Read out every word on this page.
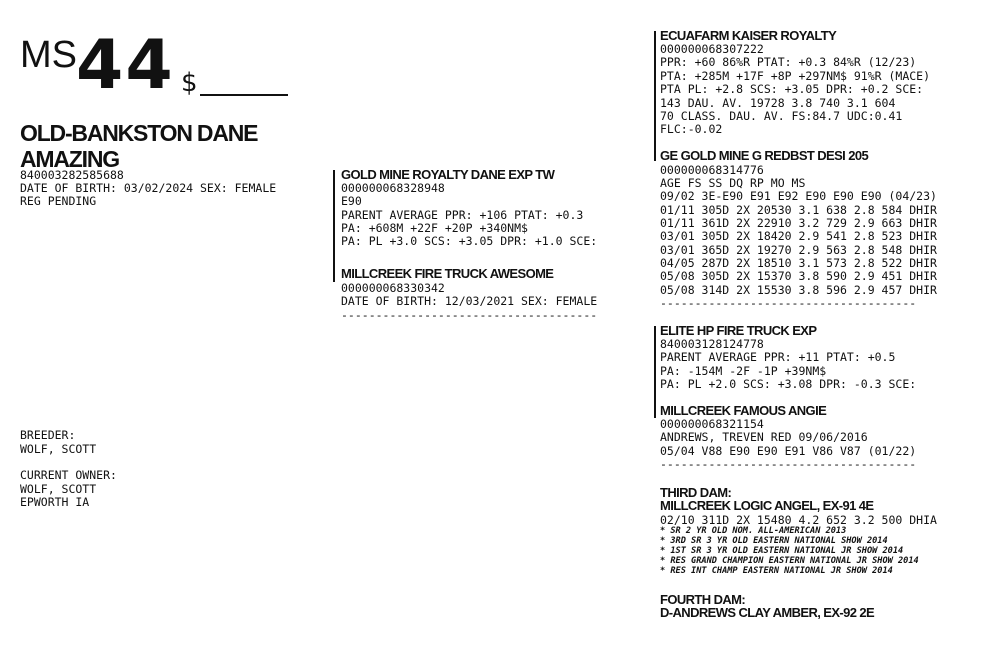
MS 44 $
OLD-BANKSTON DANE
AMAZING
840003282585688
DATE OF BIRTH: 03/02/2024 SEX: FEMALE
REG PENDING
BREEDER:
WOLF, SCOTT
CURRENT OWNER:
WOLF, SCOTT
EPWORTH IA
GOLD MINE ROYALTY DANE EXP TW
000000068328948
E90
PARENT AVERAGE PPR: +106 PTAT: +0.3
PA: +608M +22F +20P +340NM$
PA: PL +3.0 SCS: +3.05 DPR: +1.0 SCE:
MILLCREEK FIRE TRUCK AWESOME
000000068330342
DATE OF BIRTH: 12/03/2021 SEX: FEMALE
-------------------------------------
ECUAFARM KAISER ROYALTY
000000068307222
PPR: +60 86%R PTAT: +0.3 84%R (12/23)
PTA: +285M +17F +8P +297NM$ 91%R (MACE)
PTA PL: +2.8 SCS: +3.05 DPR: +0.2 SCE:
143 DAU. AV. 19728 3.8 740 3.1 604
70 CLASS. DAU. AV. FS:84.7 UDC:0.41
FLC:-0.02
GE GOLD MINE G REDBST DESI 205
000000068314776
AGE FS SS DQ RP MO MS
09/02 3E-E90 E91 E92 E90 E90 E90 (04/23)
01/11 305D 2X 20530 3.1 638 2.8 584 DHIR
01/11 361D 2X 22910 3.2 729 2.9 663 DHIR
03/01 305D 2X 18420 2.9 541 2.8 523 DHIR
03/01 365D 2X 19270 2.9 563 2.8 548 DHIR
04/05 287D 2X 18510 3.1 573 2.8 522 DHIR
05/08 305D 2X 15370 3.8 590 2.9 451 DHIR
05/08 314D 2X 15530 3.8 596 2.9 457 DHIR
-------------------------------------
ELITE HP FIRE TRUCK EXP
840003128124778
PARENT AVERAGE PPR: +11 PTAT: +0.5
PA: -154M -2F -1P +39NM$
PA: PL +2.0 SCS: +3.08 DPR: -0.3 SCE:
MILLCREEK FAMOUS ANGIE
000000068321154
ANDREWS, TREVEN RED 09/06/2016
05/04 V88 E90 E90 E91 V86 V87 (01/22)
-------------------------------------
THIRD DAM:
MILLCREEK LOGIC ANGEL, EX-91 4E
02/10 311D 2X 15480 4.2 652 3.2 500 DHIA
* SR 2 YR OLD NOM. ALL-AMERICAN 2013
* 3RD SR 3 YR OLD EASTERN NATIONAL SHOW 2014
* 1ST SR 3 YR OLD EASTERN NATIONAL JR SHOW 2014
* RES GRAND CHAMPION EASTERN NATIONAL JR SHOW 2014
* RES INT CHAMP EASTERN NATIONAL JR SHOW 2014
FOURTH DAM:
D-ANDREWS CLAY AMBER, EX-92 2E
